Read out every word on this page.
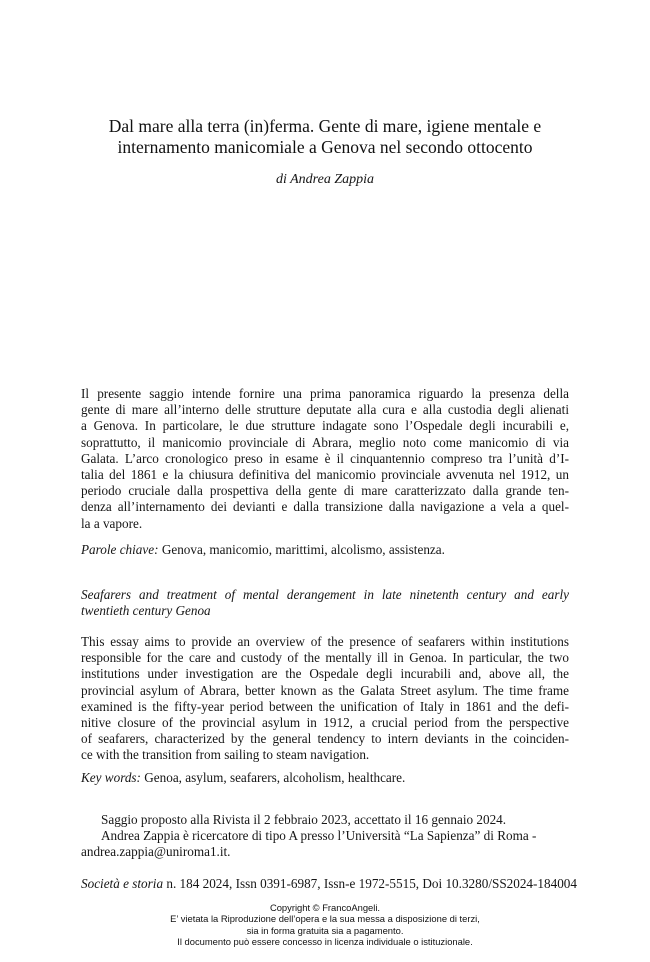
Dal mare alla terra (in)ferma. Gente di mare, igiene mentale e
internamento manicomiale a Genova nel secondo ottocento
di Andrea Zappia
Il presente saggio intende fornire una prima panoramica riguardo la presenza della
gente di mare all’interno delle strutture deputate alla cura e alla custodia degli alienati
a Genova. In particolare, le due strutture indagate sono l’Ospedale degli incurabili e,
soprattutto, il manicomio provinciale di Abrara, meglio noto come manicomio di via
Galata. L’arco cronologico preso in esame è il cinquantennio compreso tra l’unità d’I-
talia del 1861 e la chiusura definitiva del manicomio provinciale avvenuta nel 1912, un
periodo cruciale dalla prospettiva della gente di mare caratterizzato dalla grande ten-
denza all’internamento dei devianti e dalla transizione dalla navigazione a vela a quel-
la a vapore.
Parole chiave: Genova, manicomio, marittimi, alcolismo, assistenza.
Seafarers and treatment of mental derangement in late ninetenth century and early
twentieth century Genoa
This essay aims to provide an overview of the presence of seafarers within institutions
responsible for the care and custody of the mentally ill in Genoa. In particular, the two
institutions under investigation are the Ospedale degli incurabili and, above all, the
provincial asylum of Abrara, better known as the Galata Street asylum. The time frame
examined is the fifty-year period between the unification of Italy in 1861 and the defi-
nitive closure of the provincial asylum in 1912, a crucial period from the perspective
of seafarers, characterized by the general tendency to intern deviants in the coinciden-
ce with the transition from sailing to steam navigation.
Key words: Genoa, asylum, seafarers, alcoholism, healthcare.
Saggio proposto alla Rivista il 2 febbraio 2023, accettato il 16 gennaio 2024.
Andrea Zappia è ricercatore di tipo A presso l’Università “La Sapienza” di Roma -
andrea.zappia@uniroma1.it.
Società e storia n. 184 2024, Issn 0391-6987, Issn-e 1972-5515, Doi 10.3280/SS2024-184004
Copyright © FrancoAngeli.
E’ vietata la Riproduzione dell’opera e la sua messa a disposizione di terzi,
sia in forma gratuita sia a pagamento.
Il documento può essere concesso in licenza individuale o istituzionale.
